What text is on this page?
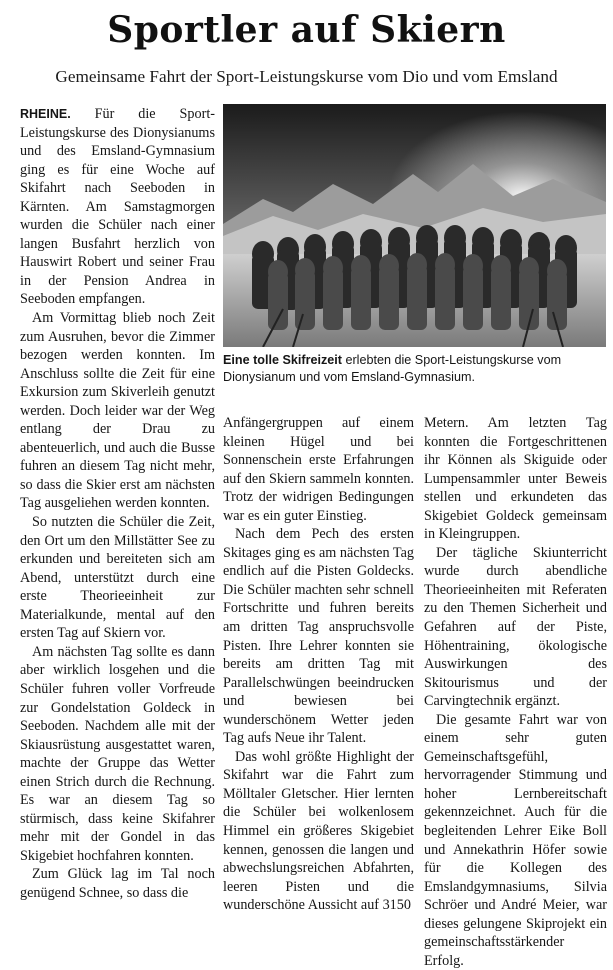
Sportler auf Skiern
Gemeinsame Fahrt der Sport-Leistungskurse vom Dio und vom Emsland

RHEINE. Für die Sport-Leistungskurse des Dionysianums und des Emsland-Gymnasium ging es für eine Woche auf Skifahrt nach Seeboden in Kärnten. Am Samstagmorgen wurden die Schüler nach einer langen Busfahrt herzlich von Hauswirt Robert und seiner Frau in der Pension Andrea in Seeboden empfangen.

Am Vormittag blieb noch Zeit zum Ausruhen, bevor die Zimmer bezogen werden konnten. Im Anschluss sollte die Zeit für eine Exkursion zum Skiverleih genutzt werden. Doch leider war der Weg entlang der Drau zu abenteuerlich, und auch die Busse fuhren an diesem Tag nicht mehr, so dass die Skier erst am nächsten Tag ausgeliehen werden konnten.

So nutzten die Schüler die Zeit, den Ort um den Millstätter See zu erkunden und bereiteten sich am Abend, unterstützt durch eine erste Theorieeinheit zur Materialkunde, mental auf den ersten Tag auf Skiern vor.

Am nächsten Tag sollte es dann aber wirklich losgehen und die Schüler fuhren voller Vorfreude zur Gondelstation Goldeck in Seeboden. Nachdem alle mit der Skiausrüstung ausgestattet waren, machte der Gruppe das Wetter einen Strich durch die Rechnung. Es war an diesem Tag so stürmisch, dass keine Skifahrer mehr mit der Gondel in das Skigebiet hochfahren konnten.

Zum Glück lag im Tal noch genügend Schnee, so dass die

Eine tolle Skifreizeit erlebten die Sport-Leistungskurse vom Dionysianum und vom Emsland-Gymnasium.

Anfängergruppen auf einem kleinen Hügel und bei Sonnenschein erste Erfahrungen auf den Skiern sammeln konnten. Trotz der widrigen Bedingungen war es ein guter Einstieg.

Nach dem Pech des ersten Skitages ging es am nächsten Tag endlich auf die Pisten Goldecks. Die Schüler machten sehr schnell Fortschritte und fuhren bereits am dritten Tag anspruchsvolle Pisten. Ihre Lehrer konnten sie bereits am dritten Tag mit Parallelschwüngen beeindrucken und bewiesen bei wunderschönem Wetter jeden Tag aufs Neue ihr Talent.

Das wohl größte Highlight der Skifahrt war die Fahrt zum Mölltaler Gletscher. Hier lernten die Schüler bei wolkenlosem Himmel ein größeres Skigebiet kennen, genossen die langen und abwechslungsreichen Abfahrten, leeren Pisten und die wunderschöne Aussicht auf 3150

Metern. Am letzten Tag konnten die Fortgeschrittenen ihr Können als Skiguide oder Lumpensammler unter Beweis stellen und erkundeten das Skigebiet Goldeck gemeinsam in Kleingruppen.

Der tägliche Skiunterricht wurde durch abendliche Theorieeinheiten mit Referaten zu den Themen Sicherheit und Gefahren auf der Piste, Höhentraining, ökologische Auswirkungen des Skitourismus und der Carvingtechnik ergänzt.

Die gesamte Fahrt war von einem sehr guten Gemeinschaftsgefühl, hervorragender Stimmung und hoher Lernbereitschaft gekennzeichnet. Auch für die begleitenden Lehrer Eike Boll und Annekathrin Höfer sowie für die Kollegen des Emslandgymnasiums, Silvia Schröer und André Meier, war dieses gelungene Skiprojekt ein gemeinschaftsstärkender Erfolg.
